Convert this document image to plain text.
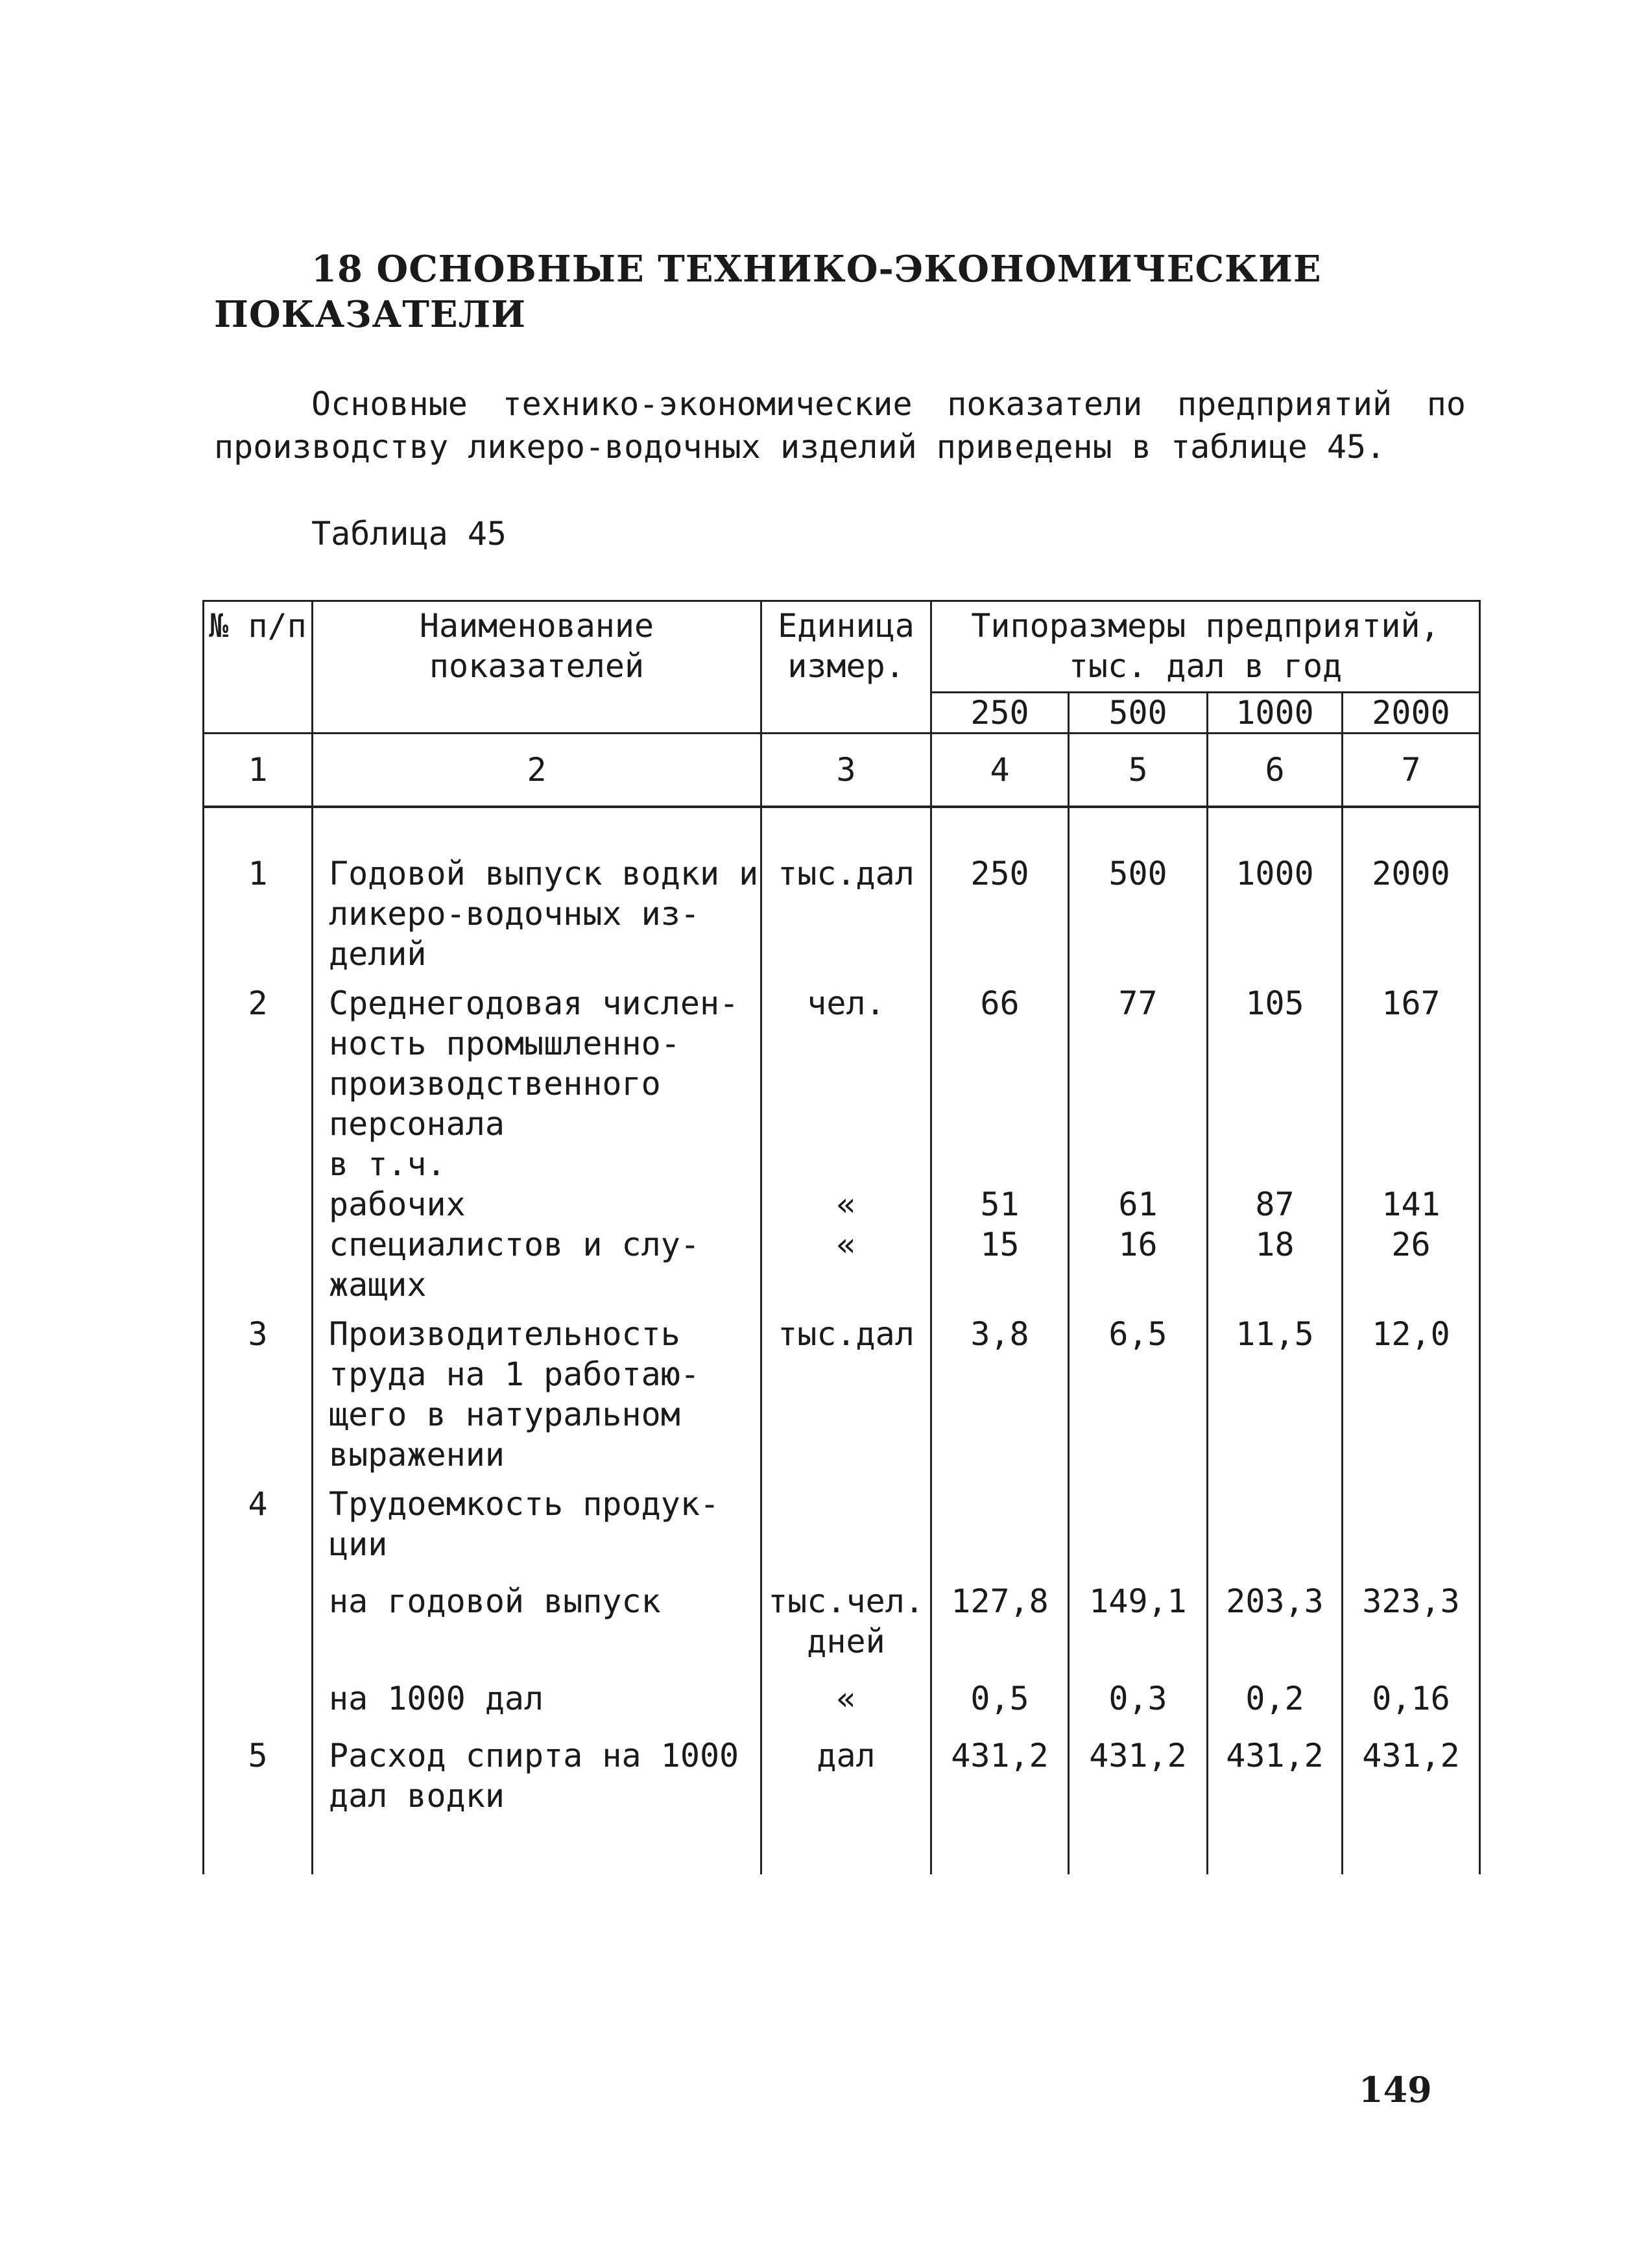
18 ОСНОВНЫЕ ТЕХНИКО-ЭКОНОМИЧЕСКИЕ
ПОКАЗАТЕЛИ

Основные технико-экономические показатели предприятий по производству ликеро-водочных изделий приведены в таблице 45.

Таблица 45
№ п/п	Наименование показателей	Единица измер.	Типоразмеры предприятий, тыс. дал в год			
			250	500	1000	2000
1	2	3	4	5	6	7
1	Годовой выпуск водки и ликеро-водочных из-делий	тыс.дал	250	500	1000	2000
2	Среднегодовая числен-ность промышленно-производственного персонала	чел.	66	77	105	167
	в т.ч.					
	рабочих	«	51	61	87	141
	специалистов и слу-жащих	«	15	16	18	26
3	Производительность труда на 1 работаю-щего в натуральном выражении	тыс.дал	3,8	6,5	11,5	12,0
4	Трудоемкость продук-ции					
	на годовой выпуск	тыс.чел. дней	127,8	149,1	203,3	323,3
	на 1000 дал	«	0,5	0,3	0,2	0,16
5	Расход спирта на 1000 дал водки	дал	431,2	431,2	431,2	431,2

149
